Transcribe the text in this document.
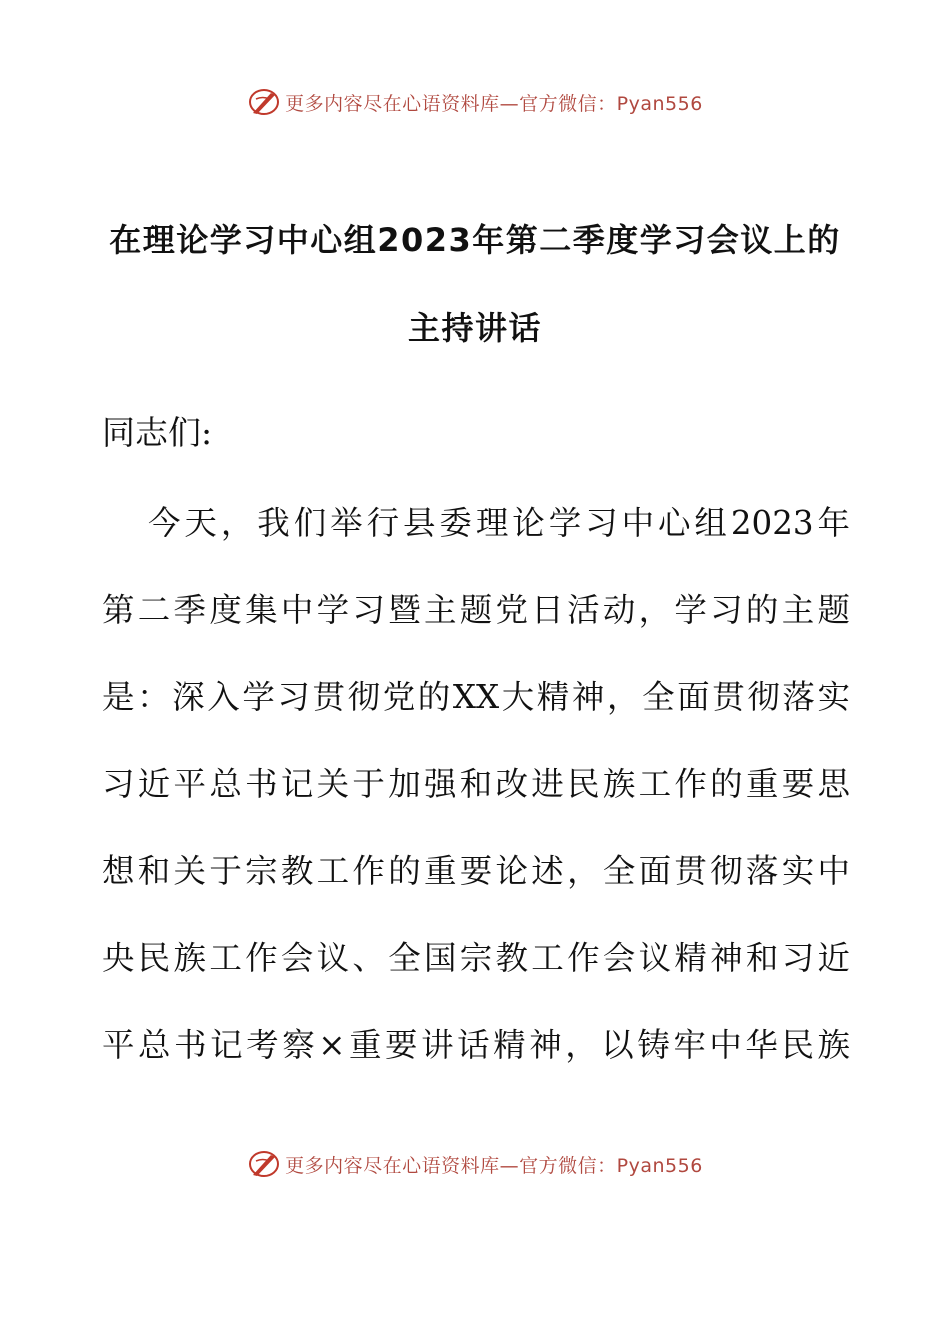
更多内容尽在心语资料库—官方微信：Pyan556
在理论学习中心组2023年第二季度学习会议上的
主持讲话

同志们:

今天，我们举行县委理论学习中心组2023年
第二季度集中学习暨主题党日活动，学习的主题
是：深入学习贯彻党的XX大精神，全面贯彻落实
习近平总书记关于加强和改进民族工作的重要思
想和关于宗教工作的重要论述，全面贯彻落实中
央民族工作会议、全国宗教工作会议精神和习近
平总书记考察×重要讲话精神，以铸牢中华民族
更多内容尽在心语资料库—官方微信：Pyan556
